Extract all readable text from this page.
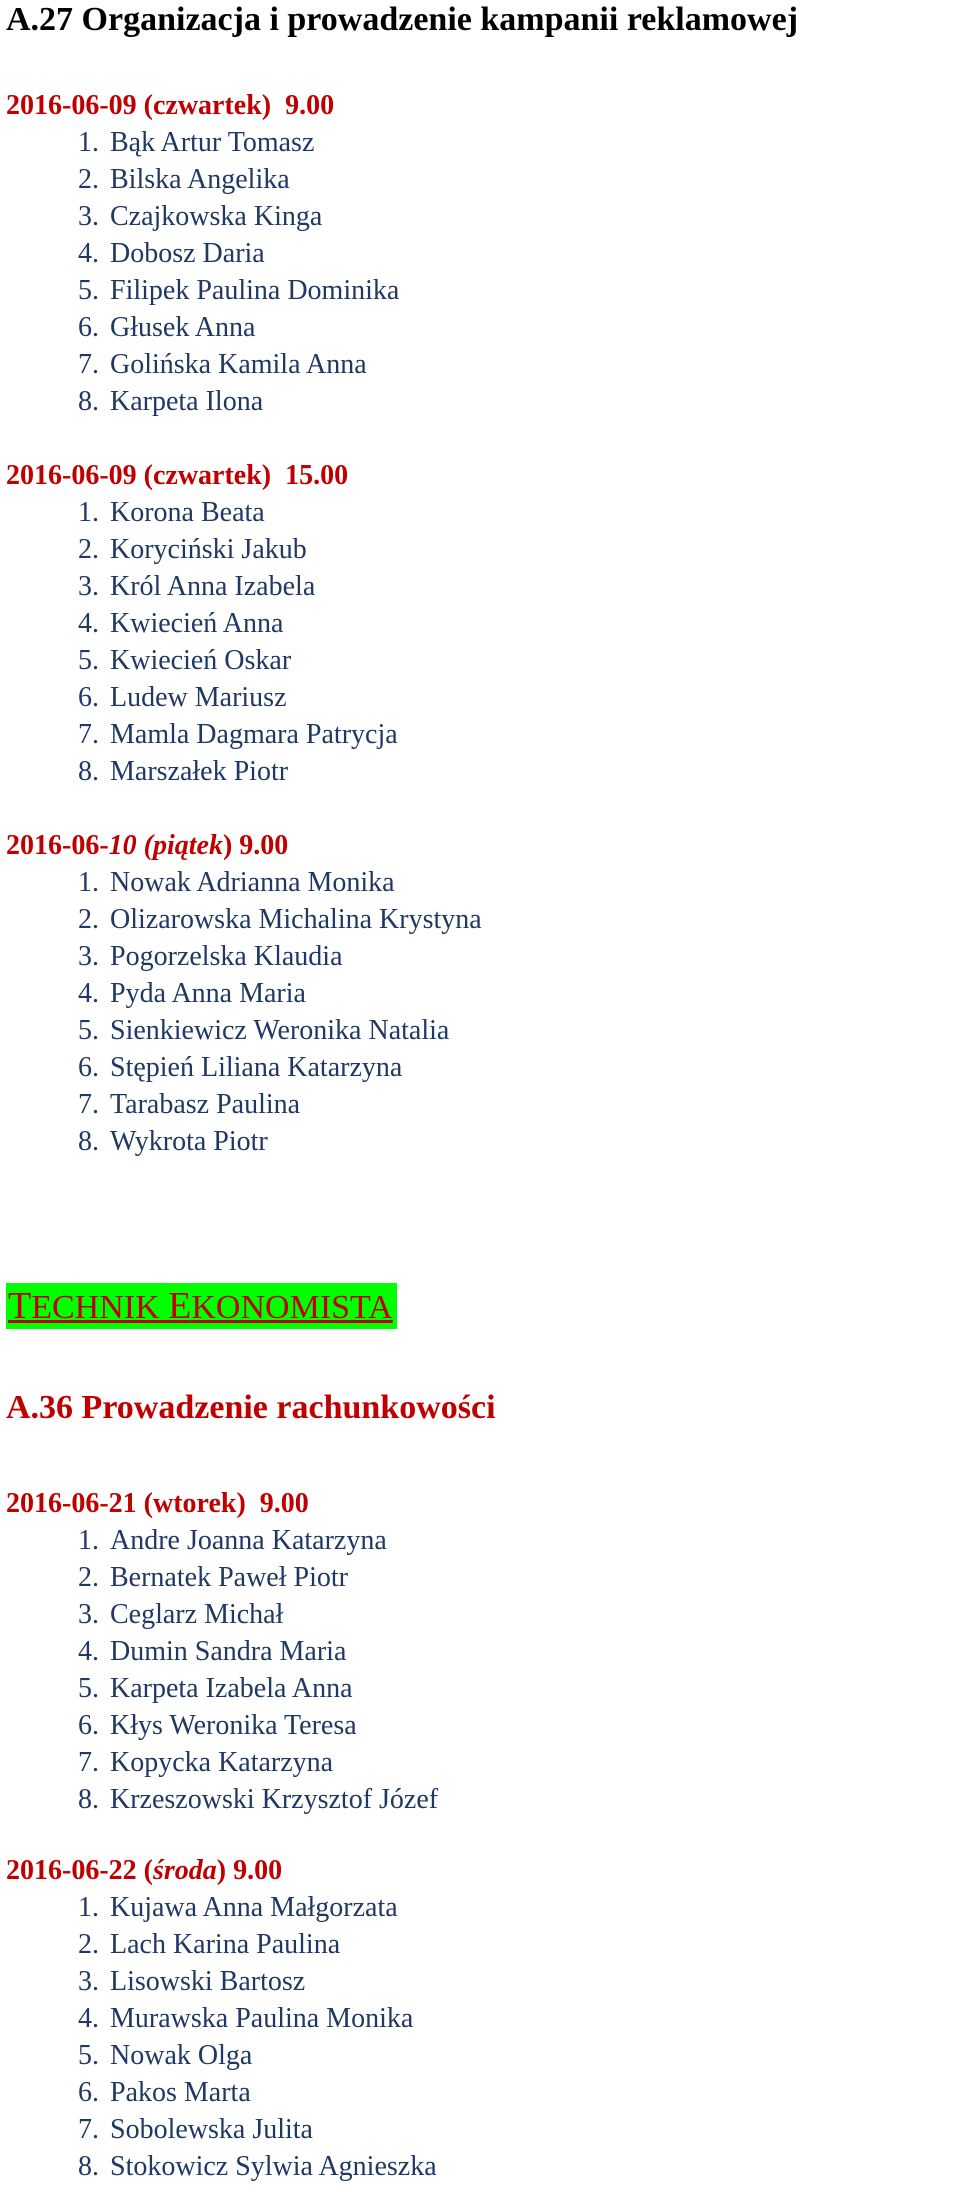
A.27 Organizacja i prowadzenie kampanii reklamowej
2016-06-09 (czwartek) 9.00
1. Bąk Artur Tomasz
2. Bilska Angelika
3. Czajkowska Kinga
4. Dobosz Daria
5. Filipek Paulina Dominika
6. Głusek Anna
7. Golińska Kamila Anna
8. Karpeta Ilona
2016-06-09 (czwartek) 15.00
1. Korona Beata
2. Koryciński Jakub
3. Król Anna Izabela
4. Kwiecień Anna
5. Kwiecień Oskar
6. Ludew Mariusz
7. Mamla Dagmara Patrycja
8. Marszałek Piotr
2016-06-10 (piątek) 9.00
1. Nowak Adrianna Monika
2. Olizarowska Michalina Krystyna
3. Pogorzelska Klaudia
4. Pyda Anna Maria
5. Sienkiewicz Weronika Natalia
6. Stępień Liliana Katarzyna
7. Tarabasz Paulina
8. Wykrota Piotr
TECHNIK EKONOMISTA
A.36 Prowadzenie rachunkowości
2016-06-21 (wtorek) 9.00
1. Andre Joanna Katarzyna
2. Bernatek Paweł Piotr
3. Ceglarz Michał
4. Dumin Sandra Maria
5. Karpeta Izabela Anna
6. Kłys Weronika Teresa
7. Kopycka Katarzyna
8. Krzeszowski Krzysztof Józef
2016-06-22 (środa) 9.00
1. Kujawa Anna Małgorzata
2. Lach Karina Paulina
3. Lisowski Bartosz
4. Murawska Paulina Monika
5. Nowak Olga
6. Pakos Marta
7. Sobolewska Julita
8. Stokowicz Sylwia Agnieszka
